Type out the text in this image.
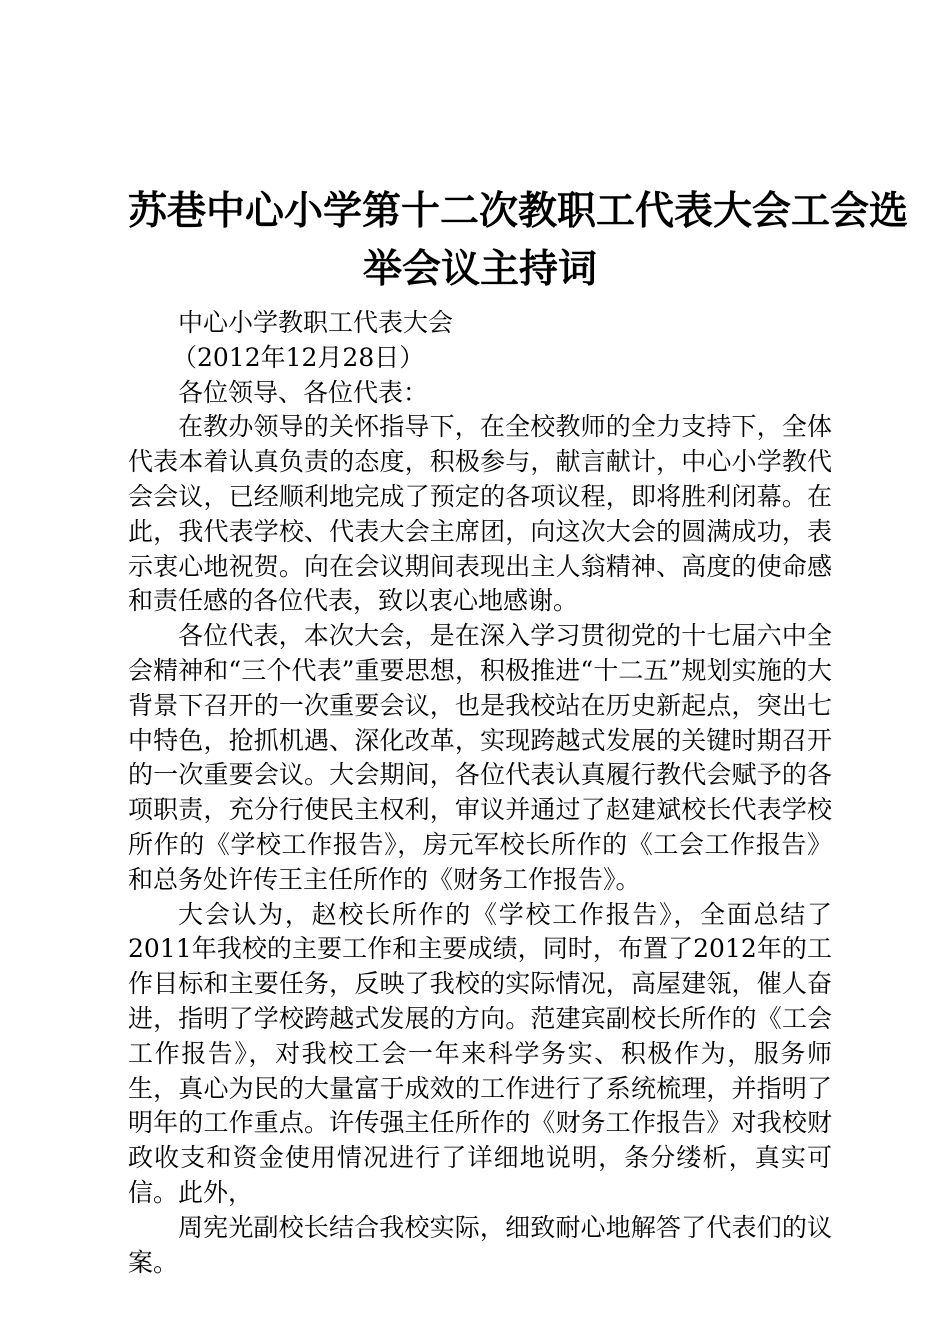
苏巷中心小学第十二次教职工代表大会工会选
举会议主持词

中心小学教职工代表大会

（2012年12月28日）

各位领导、各位代表：

在教办领导的关怀指导下，在全校教师的全力支持下，全体代表本着认真负责的态度，积极参与，献言献计，中心小学教代会会议，已经顺利地完成了预定的各项议程，即将胜利闭幕。在此，我代表学校、代表大会主席团，向这次大会的圆满成功，表示衷心地祝贺。向在会议期间表现出主人翁精神、高度的使命感和责任感的各位代表，致以衷心地感谢。

各位代表，本次大会，是在深入学习贯彻党的十七届六中全会精神和“三个代表”重要思想，积极推进“十二五”规划实施的大背景下召开的一次重要会议，也是我校站在历史新起点，突出七中特色，抢抓机遇、深化改革，实现跨越式发展的关键时期召开的一次重要会议。大会期间，各位代表认真履行教代会赋予的各项职责，充分行使民主权利，审议并通过了赵建斌校长代表学校所作的《学校工作报告》，房元军校长所作的《工会工作报告》和总务处许传王主任所作的《财务工作报告》。

大会认为，赵校长所作的《学校工作报告》，全面总结了2011年我校的主要工作和主要成绩，同时，布置了2012年的工作目标和主要任务，反映了我校的实际情况，高屋建瓴，催人奋进，指明了学校跨越式发展的方向。范建宾副校长所作的《工会工作报告》，对我校工会一年来科学务实、积极作为，服务师生，真心为民的大量富于成效的工作进行了系统梳理，并指明了明年的工作重点。许传强主任所作的《财务工作报告》对我校财政收支和资金使用情况进行了详细地说明，条分缕析，真实可信。此外，

周宪光副校长结合我校实际，细致耐心地解答了代表们的议案。
